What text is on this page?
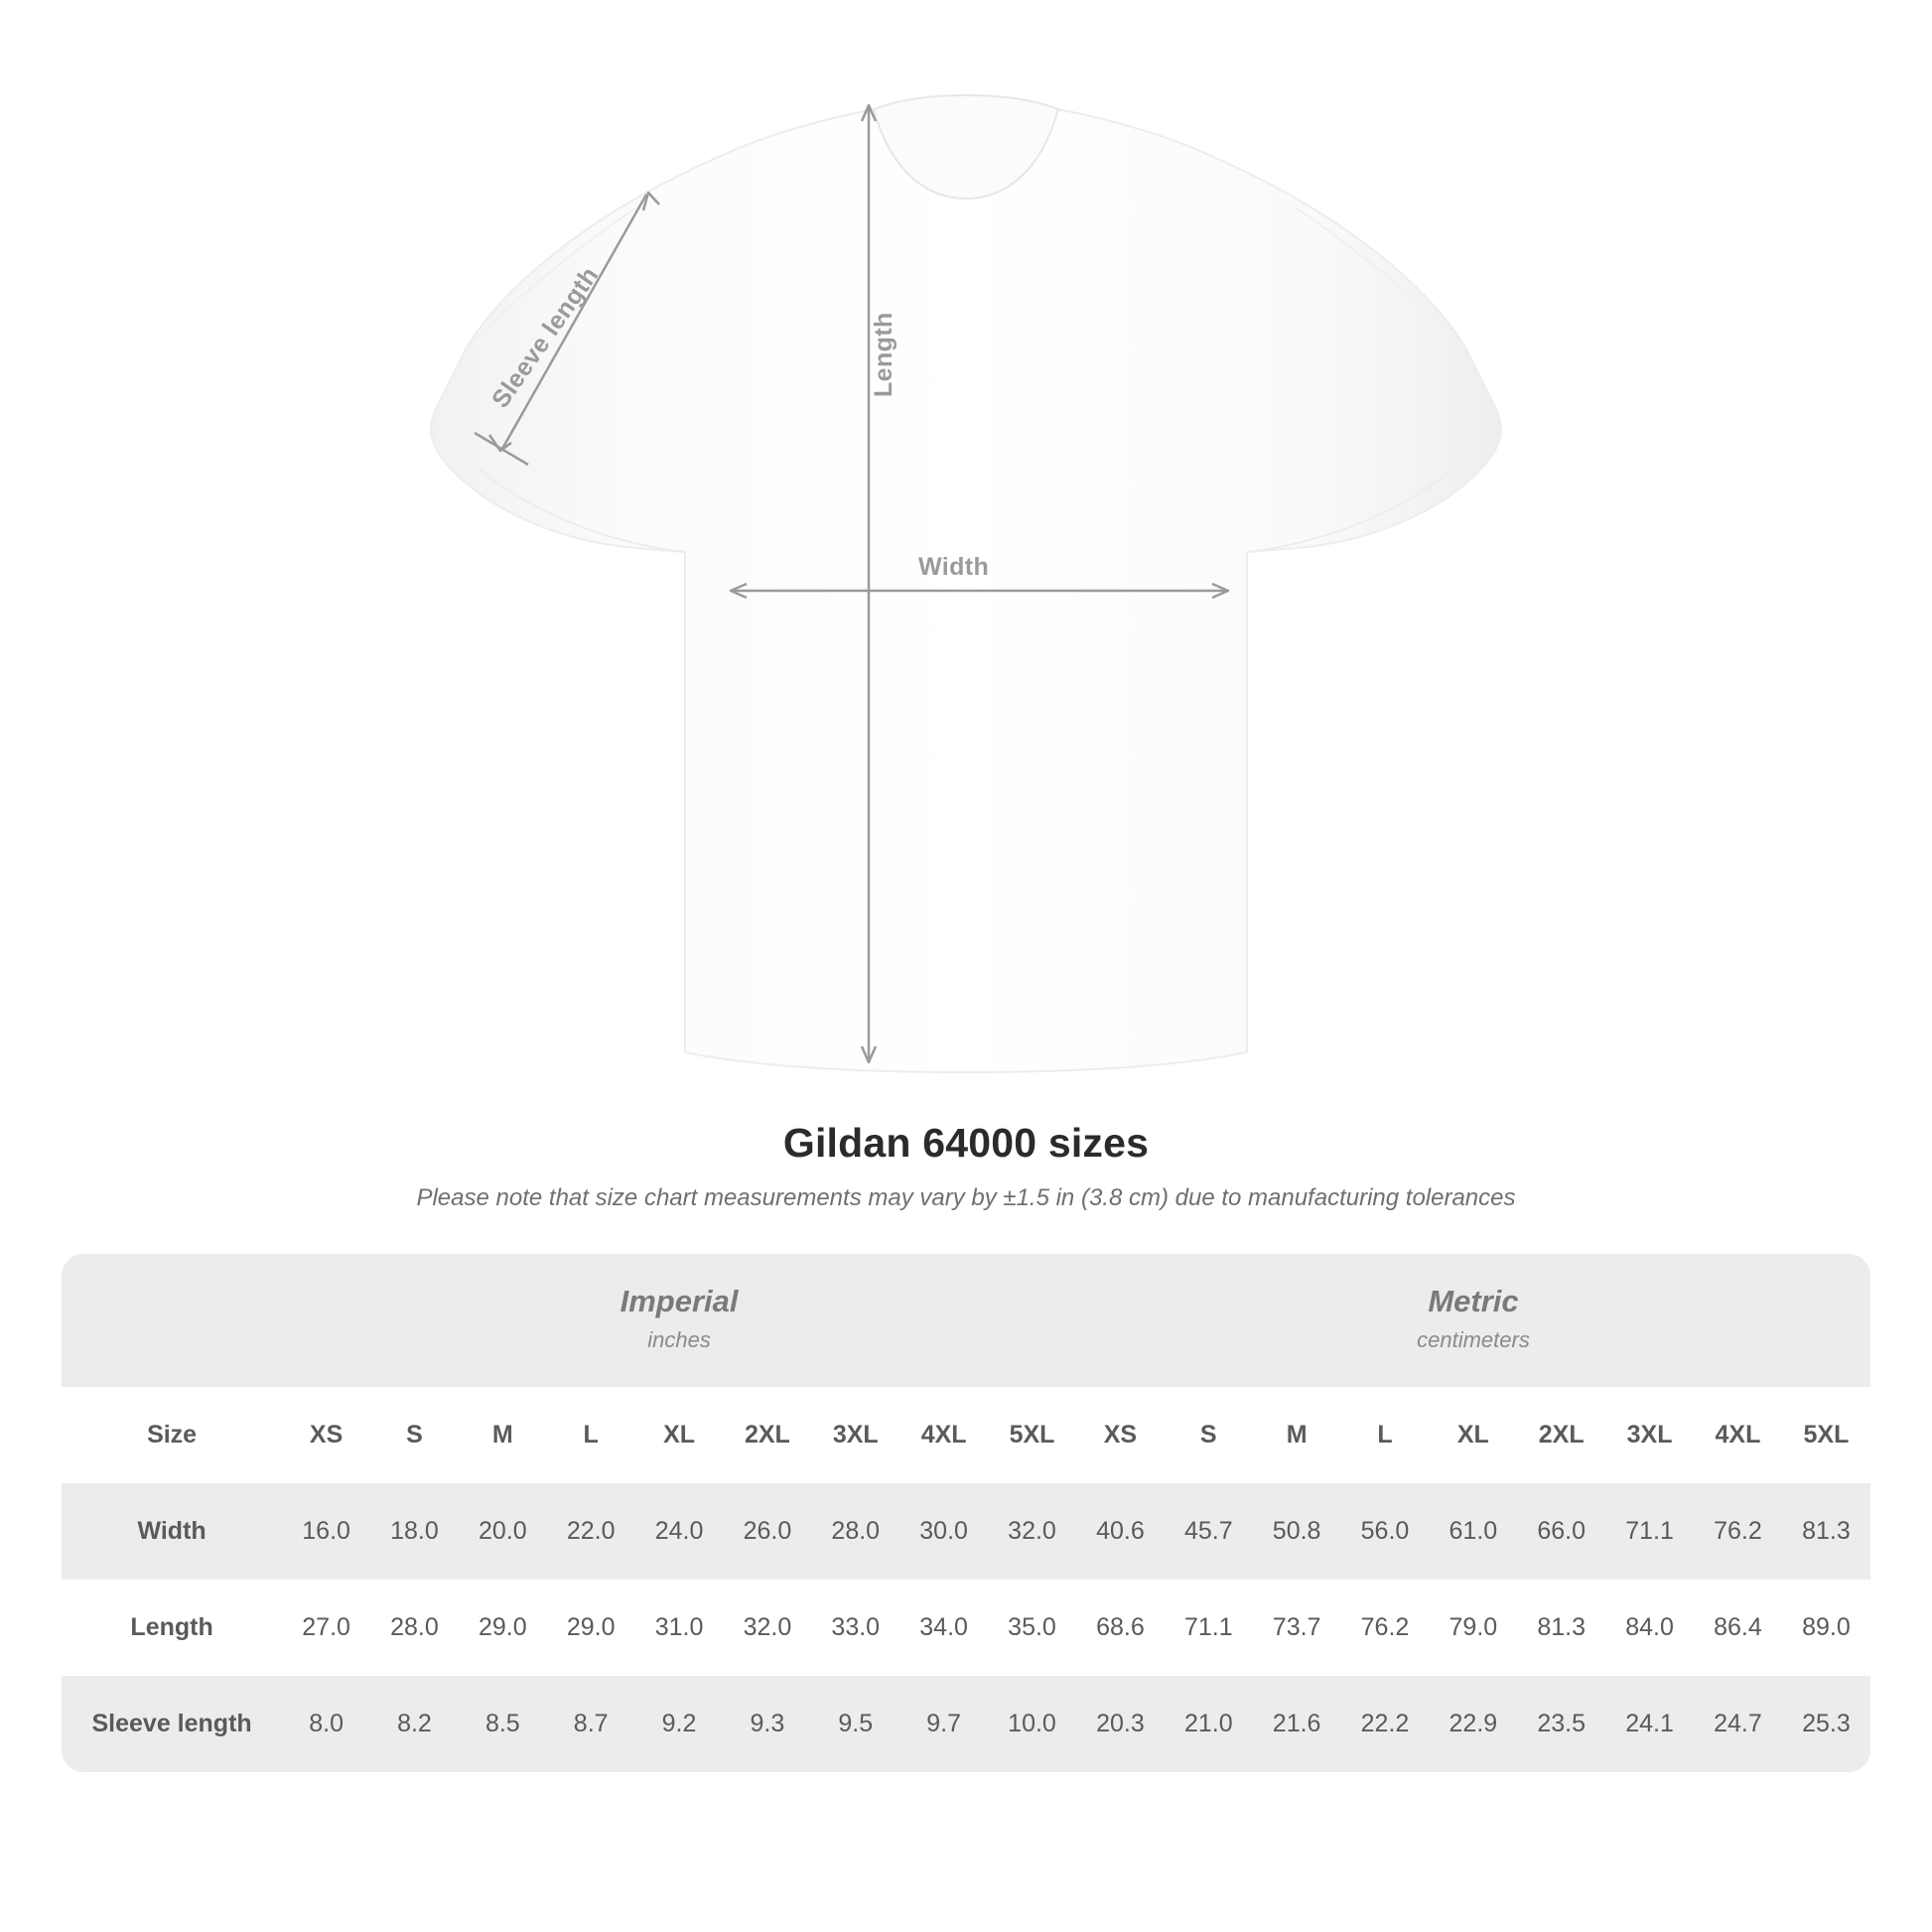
Width
Length
Sleeve length
Gildan 64000 sizes
Please note that size chart measurements may vary by ±1.5 in (3.8 cm) due to manufacturing tolerances

	Imperial
inches									Metric
centimeters								

Size	XS	S	M	L	XL	2XL	3XL	4XL	5XL	XS	S	M	L	XL	2XL	3XL	4XL	5XL
Width	16.0	18.0	20.0	22.0	24.0	26.0	28.0	30.0	32.0	40.6	45.7	50.8	56.0	61.0	66.0	71.1	76.2	81.3
Length	27.0	28.0	29.0	29.0	31.0	32.0	33.0	34.0	35.0	68.6	71.1	73.7	76.2	79.0	81.3	84.0	86.4	89.0
Sleeve length	8.0	8.2	8.5	8.7	9.2	9.3	9.5	9.7	10.0	20.3	21.0	21.6	22.2	22.9	23.5	24.1	24.7	25.3
